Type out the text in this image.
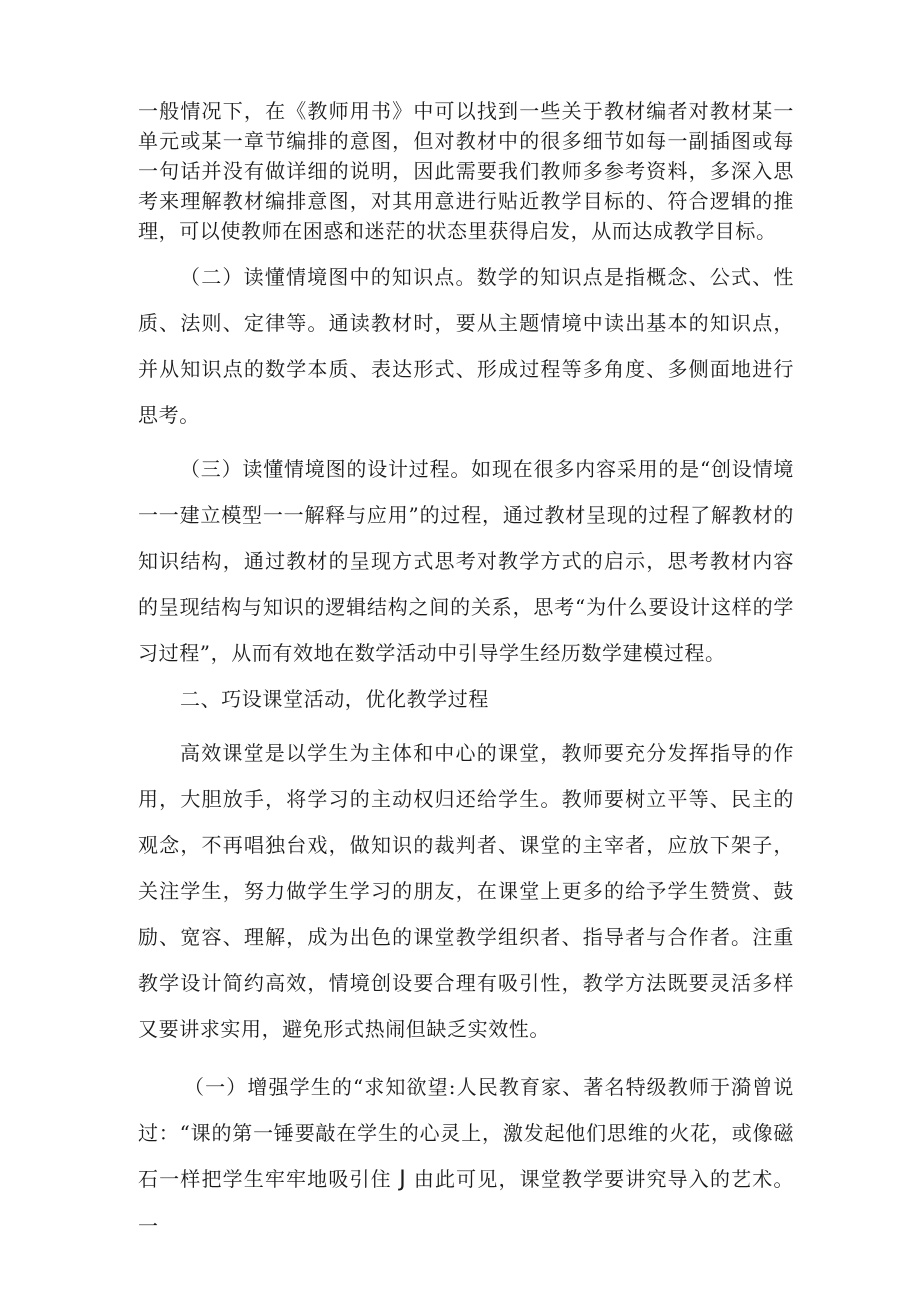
一般情况下，在《教师用书》中可以找到一些关于教材编者对教材某一单元或某一章节编排的意图，但对教材中的很多细节如每一副插图或每一句话并没有做详细的说明，因此需要我们教师多参考资料，多深入思考来理解教材编排意图，对其用意进行贴近教学目标的、符合逻辑的推理，可以使教师在困惑和迷茫的状态里获得启发，从而达成教学目标。

（二）读懂情境图中的知识点。数学的知识点是指概念、公式、性质、法则、定律等。通读教材时，要从主题情境中读出基本的知识点，并从知识点的数学本质、表达形式、形成过程等多角度、多侧面地进行思考。

（三）读懂情境图的设计过程。如现在很多内容采用的是“创设情境一一建立模型一一解释与应用”的过程，通过教材呈现的过程了解教材的知识结构，通过教材的呈现方式思考对教学方式的启示，思考教材内容的呈现结构与知识的逻辑结构之间的关系，思考“为什么要设计这样的学习过程”，从而有效地在数学活动中引导学生经历数学建模过程。

二、巧设课堂活动，优化教学过程

高效课堂是以学生为主体和中心的课堂，教师要充分发挥指导的作用，大胆放手，将学习的主动权归还给学生。教师要树立平等、民主的观念，不再唱独台戏，做知识的裁判者、课堂的主宰者，应放下架子，关注学生，努力做学生学习的朋友，在课堂上更多的给予学生赞赏、鼓励、宽容、理解，成为出色的课堂教学组织者、指导者与合作者。注重教学设计简约高效，情境创设要合理有吸引性，教学方法既要灵活多样又要讲求实用，避免形式热闹但缺乏实效性。

（一）增强学生的“求知欲望:人民教育家、著名特级教师于漪曾说过：“课的第一锤要敲在学生的心灵上，激发起他们思维的火花，或像磁石一样把学生牢牢地吸引住 J 由此可见，课堂教学要讲究导入的艺术。一
